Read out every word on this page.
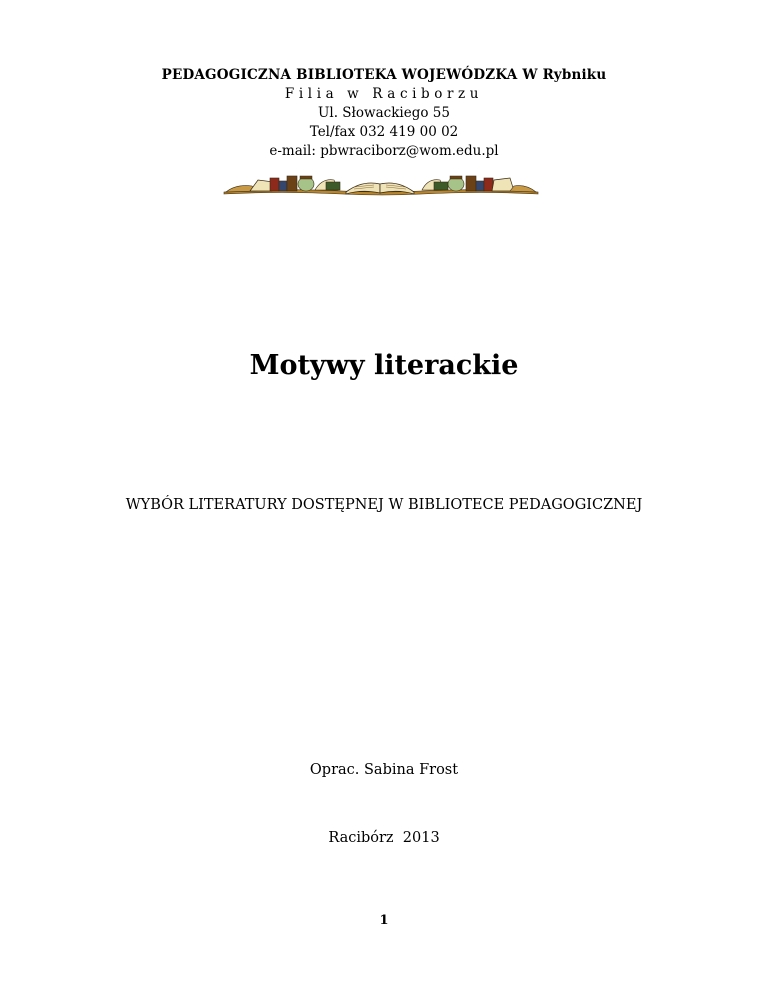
PEDAGOGICZNA BIBLIOTEKA WOJEWÓDZKA W Rybniku
Filia w Raciborzu
Ul. Słowackiego 55
Tel/fax 032 419 00 02
e-mail: pbwraciborz@wom.edu.pl
Motywy literackie
WYBÓR LITERATURY DOSTĘPNEJ W BIBLIOTECE PEDAGOGICZNEJ
Oprac. Sabina Frost
Racibórz  2013
1
